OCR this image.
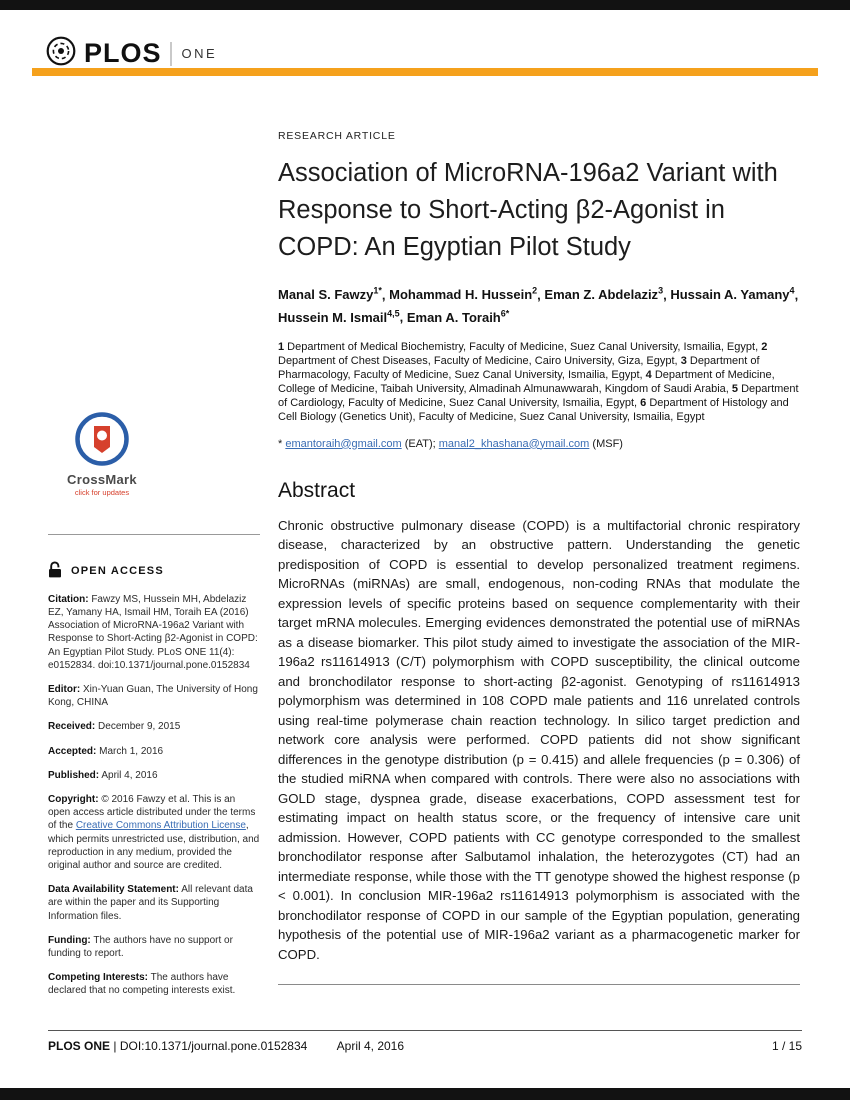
PLOS ONE
CrossMark
click for updates
OPEN ACCESS

Citation: Fawzy MS, Hussein MH, Abdelaziz EZ, Yamany HA, Ismail HM, Toraih EA (2016) Association of MicroRNA-196a2 Variant with Response to Short-Acting β2-Agonist in COPD: An Egyptian Pilot Study. PLoS ONE 11(4): e0152834. doi:10.1371/journal.pone.0152834

Editor: Xin-Yuan Guan, The University of Hong Kong, CHINA

Received: December 9, 2015

Accepted: March 1, 2016

Published: April 4, 2016

Copyright: © 2016 Fawzy et al. This is an open access article distributed under the terms of the Creative Commons Attribution License, which permits unrestricted use, distribution, and reproduction in any medium, provided the original author and source are credited.

Data Availability Statement: All relevant data are within the paper and its Supporting Information files.

Funding: The authors have no support or funding to report.

Competing Interests: The authors have declared that no competing interests exist.

RESEARCH ARTICLE
Association of MicroRNA-196a2 Variant with Response to Short-Acting β2-Agonist in COPD: An Egyptian Pilot Study

Manal S. Fawzy$^{1*}$, Mohammad H. Hussein$^2$, Eman Z. Abdelaziz$^3$, Hussain A. Yamany$^4$, Hussein M. Ismail$^{4,5}$, Eman A. Toraih$^{6*}$

1 Department of Medical Biochemistry, Faculty of Medicine, Suez Canal University, Ismailia, Egypt, 2 Department of Chest Diseases, Faculty of Medicine, Cairo University, Giza, Egypt, 3 Department of Pharmacology, Faculty of Medicine, Suez Canal University, Ismailia, Egypt, 4 Department of Medicine, College of Medicine, Taibah University, Almadinah Almunawwarah, Kingdom of Saudi Arabia, 5 Department of Cardiology, Faculty of Medicine, Suez Canal University, Ismailia, Egypt, 6 Department of Histology and Cell Biology (Genetics Unit), Faculty of Medicine, Suez Canal University, Ismailia, Egypt

* emantoraih@gmail.com (EAT); manal2_khashana@ymail.com (MSF)

Abstract

Chronic obstructive pulmonary disease (COPD) is a multifactorial chronic respiratory disease, characterized by an obstructive pattern. Understanding the genetic predisposition of COPD is essential to develop personalized treatment regimens. MicroRNAs (miRNAs) are small, endogenous, non-coding RNAs that modulate the expression levels of specific proteins based on sequence complementarity with their target mRNA molecules. Emerging evidences demonstrated the potential use of miRNAs as a disease biomarker. This pilot study aimed to investigate the association of the MIR-196a2 rs11614913 (C/T) polymorphism with COPD susceptibility, the clinical outcome and bronchodilator response to short-acting β2-agonist. Genotyping of rs11614913 polymorphism was determined in 108 COPD male patients and 116 unrelated controls using real-time polymerase chain reaction technology. In silico target prediction and network core analysis were performed. COPD patients did not show significant differences in the genotype distribution (p = 0.415) and allele frequencies (p = 0.306) of the studied miRNA when compared with controls. There were also no associations with GOLD stage, dyspnea grade, disease exacerbations, COPD assessment test for estimating impact on health status score, or the frequency of intensive care unit admission. However, COPD patients with CC genotype corresponded to the smallest bronchodilator response after Salbutamol inhalation, the heterozygotes (CT) had an intermediate response, while those with the TT genotype showed the highest response (p < 0.001). In conclusion MIR-196a2 rs11614913 polymorphism is associated with the bronchodilator response of COPD in our sample of the Egyptian population, generating hypothesis of the potential use of MIR-196a2 variant as a pharmacogenetic marker for COPD.

PLOS ONE | DOI:10.1371/journal.pone.0152834 April 4, 2016	1 / 15
